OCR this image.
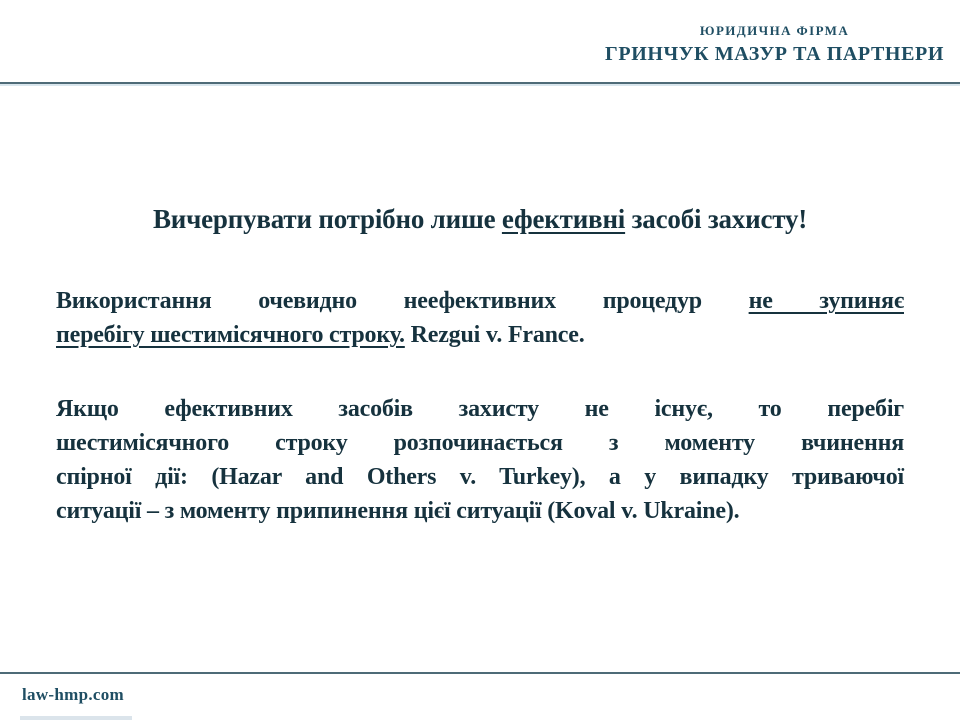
ЮРИДИЧНА ФІРМА
ГРИНЧУК МАЗУР ТА ПАРТНЕРИ
Вичерпувати потрібно лише ефективні засобі захисту!
Використання очевидно неефективних процедур не зупиняє
перебігу шестимісячного строку. Rezgui v. France.
Якщо ефективних засобів захисту не існує, то перебіг
шестимісячного строку розпочинається з моменту вчинення
спірної дії: (Hazar and Others v. Turkey), а у випадку триваючої
ситуації – з моменту припинення цієї ситуації (Koval v. Ukraine).
law-hmp.com
